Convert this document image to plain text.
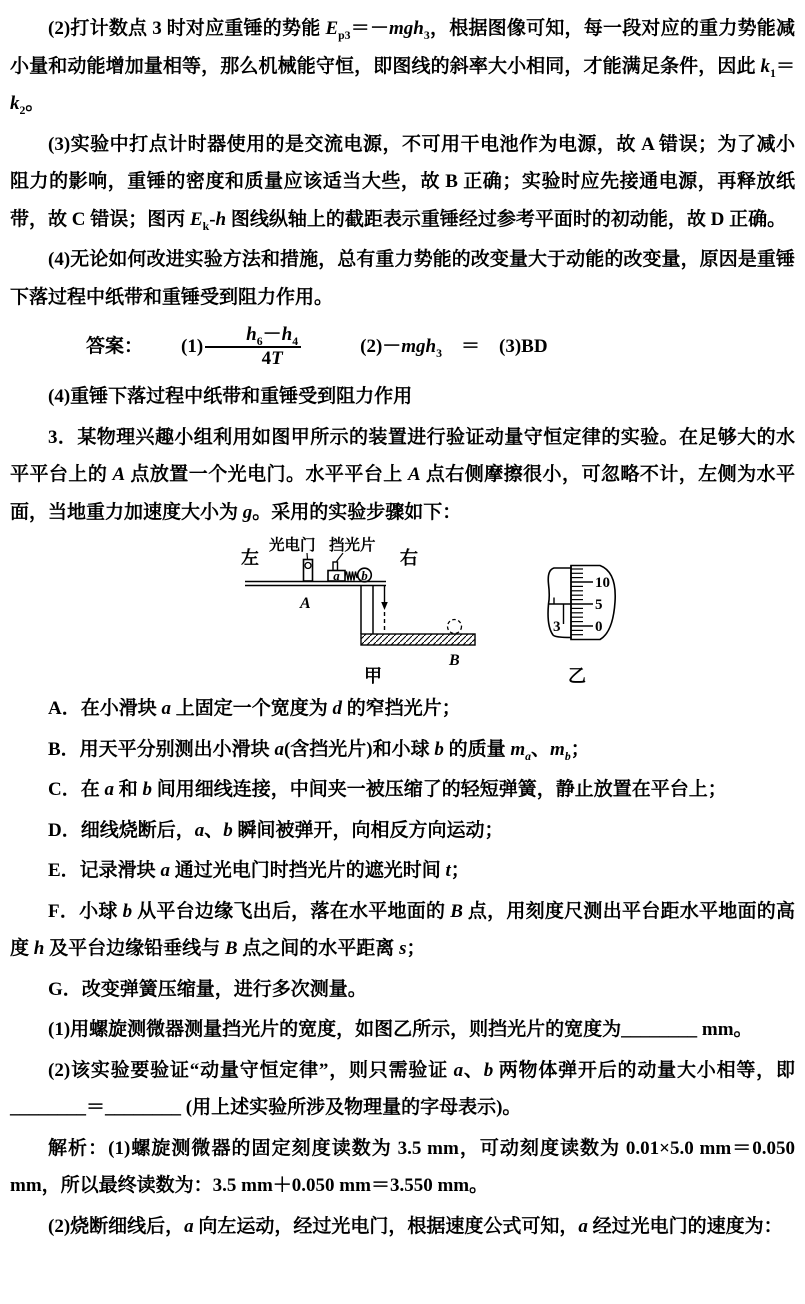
(2)打计数点 3 时对应重锤的势能 $E_{p3}=-mgh_3$，根据图像可知，每一段对应的重力势能减小量和动能增加量相等，那么机械能守恒，即图线的斜率大小相同，才能满足条件，因此 $k_1=k_2$。

(3)实验中打点计时器使用的是交流电源，不可用干电池作为电源，故 A 错误；为了减小阻力的影响，重锤的密度和质量应该适当大些，故 B 正确；实验时应先接通电源，再释放纸带，故 C 错误；图丙 $E_k-h$ 图线纵轴上的截距表示重锤经过参考平面时的初动能，故 D 正确。

(4)无论如何改进实验方法和措施，总有重力势能的改变量大于动能的改变量，原因是重锤下落过程中纸带和重锤受到阻力作用。

答案：	$(1) \frac{h_6-h_4}{4T}$	　(2)－mgh$_3$　＝　(3)BD

(4)重锤下落过程中纸带和重锤受到阻力作用

3．某物理兴趣小组利用如图甲所示的装置进行验证动量守恒定律的实验。在足够大的水平平台上的 A 点放置一个光电门。水平平台上 A 点右侧摩擦很小，可忽略不计，左侧为水平面，当地重力加速度大小为 g。采用的实验步骤如下：

左	右
光电门 挡光片
a b
A
B
甲
3
10
5
0
乙

A．在小滑块 a 上固定一个宽度为 d 的窄挡光片；

B．用天平分别测出小滑块 a(含挡光片)和小球 b 的质量 $m_a$、$m_b$；

C．在 a 和 b 间用细线连接，中间夹一被压缩了的轻短弹簧，静止放置在平台上；

D．细线烧断后，a、b 瞬间被弹开，向相反方向运动；

E．记录滑块 a 通过光电门时挡光片的遮光时间 t；

F．小球 b 从平台边缘飞出后，落在水平地面的 B 点，用刻度尺测出平台距水平地面的高度 h 及平台边缘铅垂线与 B 点之间的水平距离 s；

G．改变弹簧压缩量，进行多次测量。

(1)用螺旋测微器测量挡光片的宽度，如图乙所示，则挡光片的宽度为________ mm。

(2)该实验要验证“动量守恒定律”，则只需验证 a、b 两物体弹开后的动量大小相等，即 ________＝________ (用上述实验所涉及物理量的字母表示)。

解析：(1)螺旋测微器的固定刻度读数为 3.5 mm，可动刻度读数为 0.01×5.0 mm＝0.050 mm，所以最终读数为：3.5 mm＋0.050 mm＝3.550 mm。

(2)烧断细线后，a 向左运动，经过光电门，根据速度公式可知，a 经过光电门的速度为：
